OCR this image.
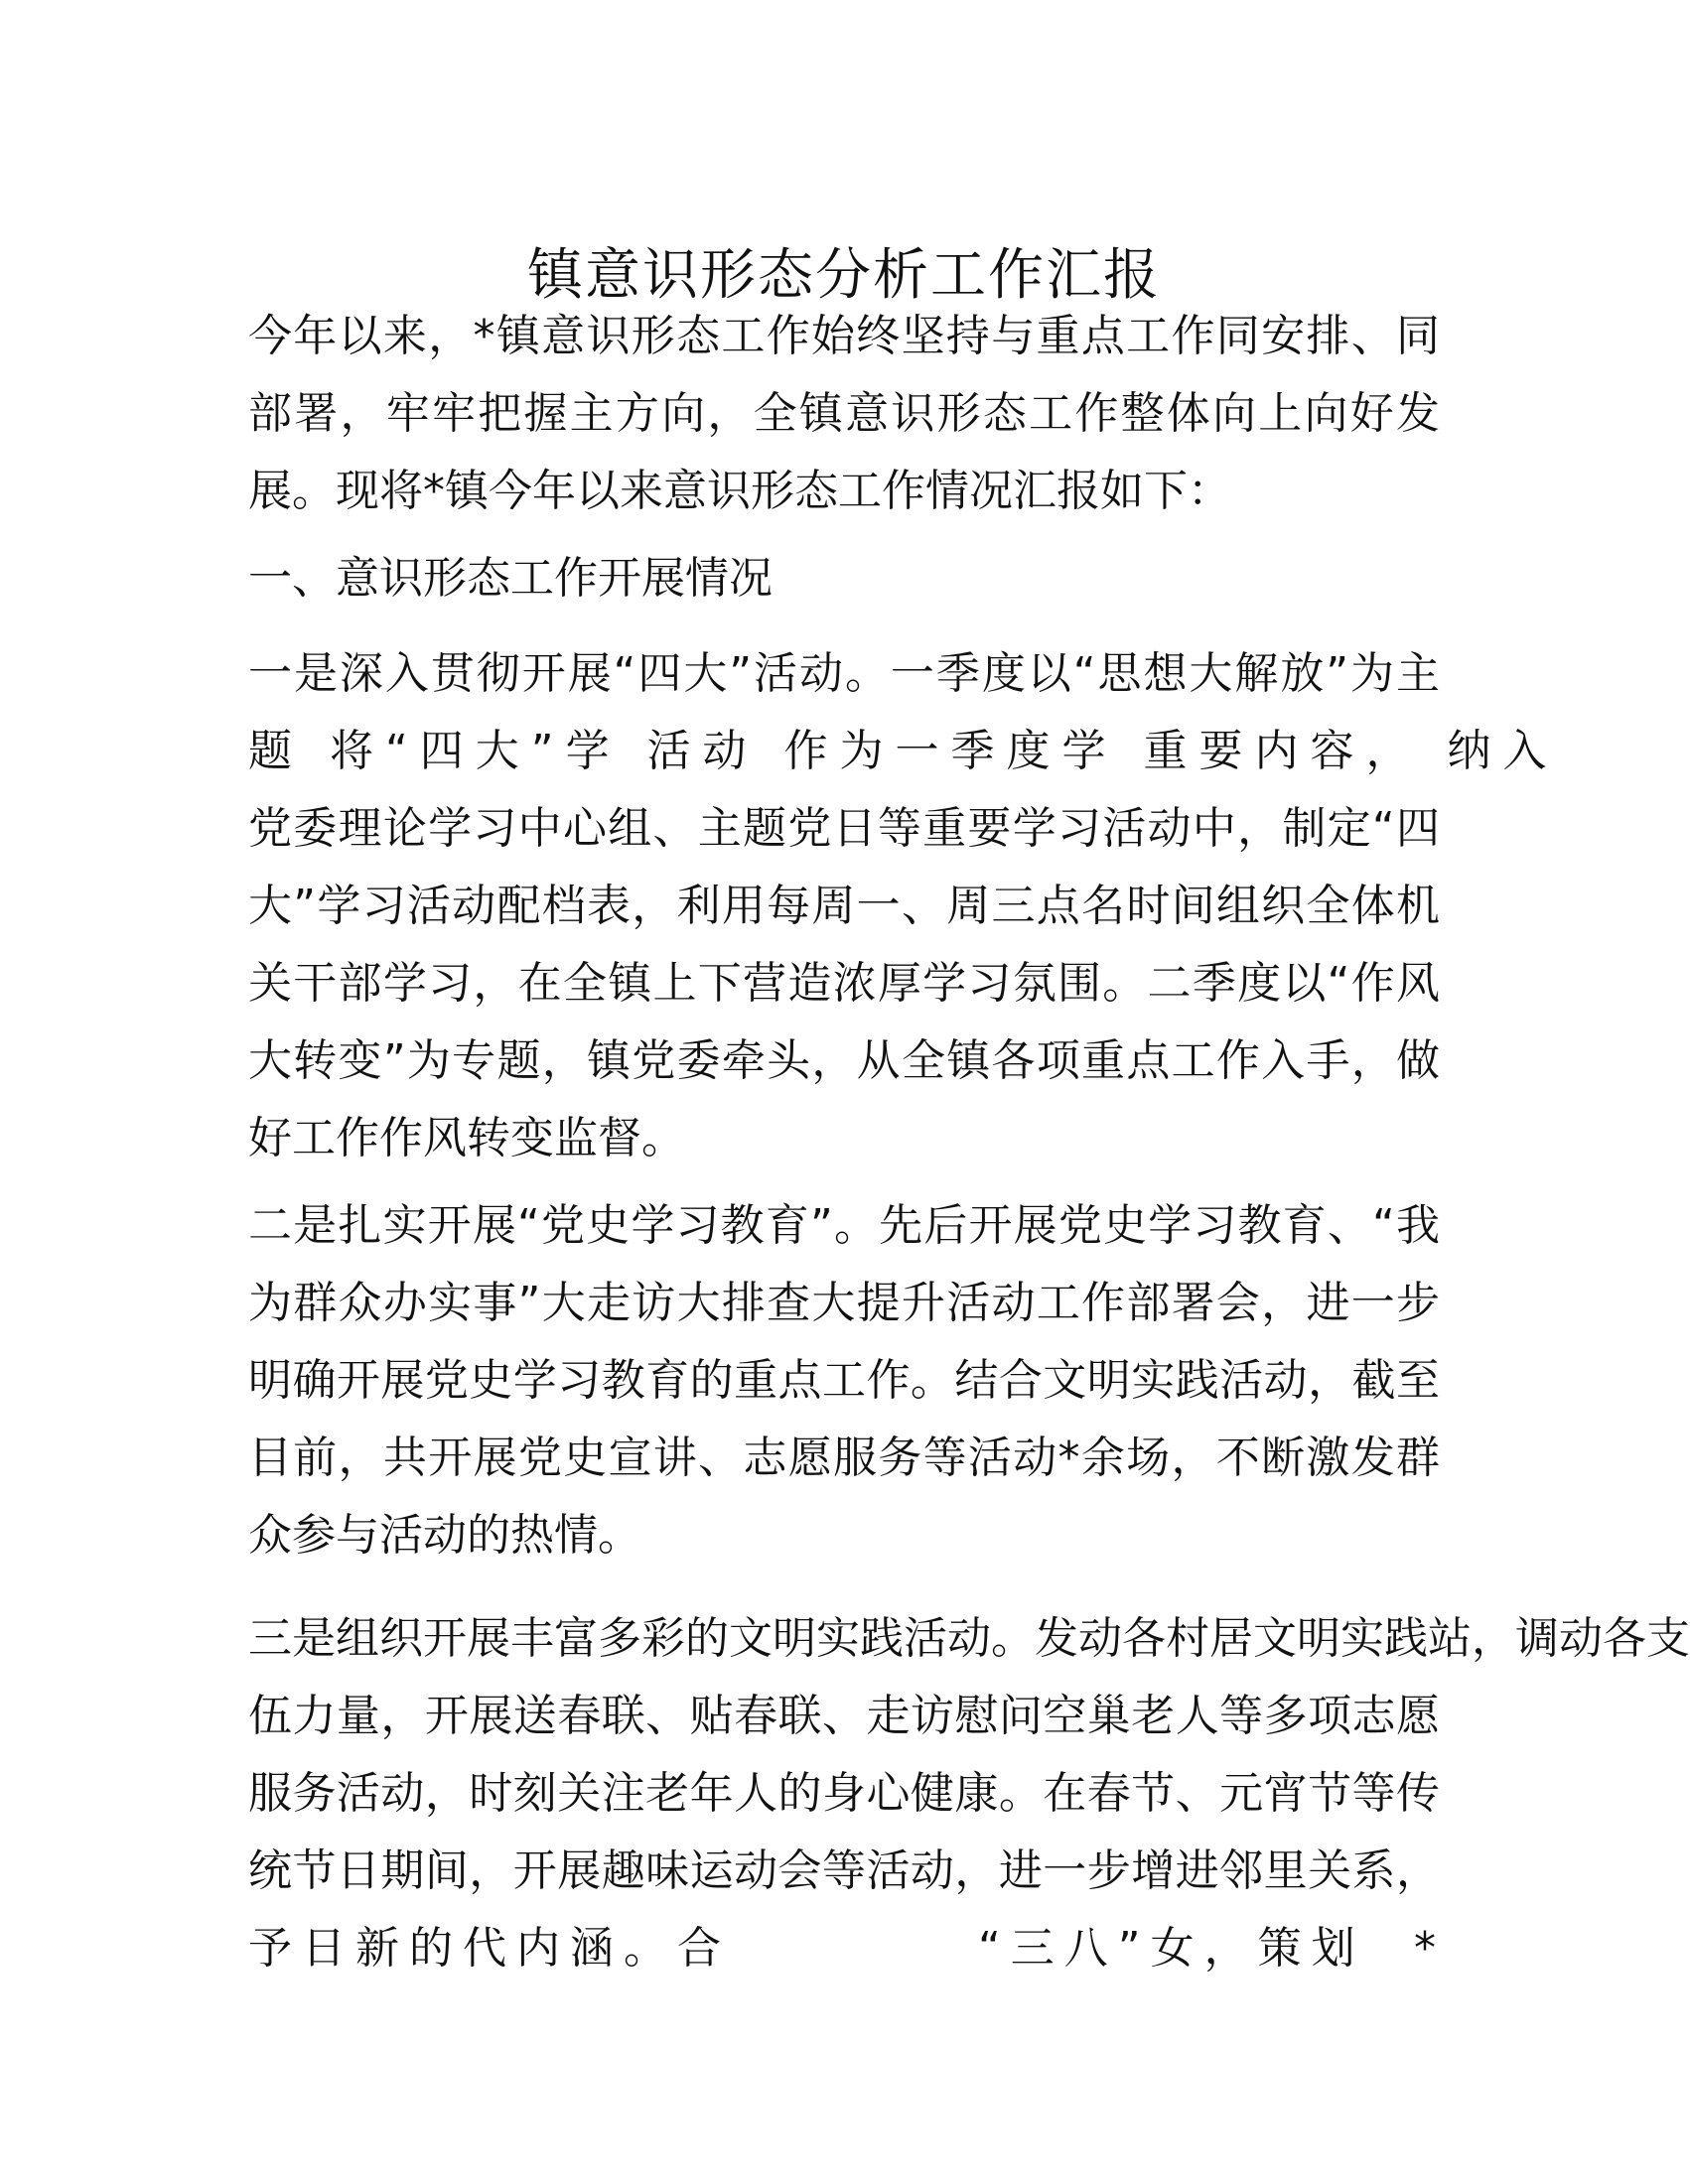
镇意识形态分析工作汇报
今年以来，*镇意识形态工作始终坚持与重点工作同安排、同
部署，牢牢把握主方向，全镇意识形态工作整体向上向好发
展。现将*镇今年以来意识形态工作情况汇报如下：
一、意识形态工作开展情况
一是深入贯彻开展“四大”活动。一季度以“思想大解放”为主
题 将“四大”学 活动 作为一季度学 重要内容， 纳入
党委理论学习中心组、主题党日等重要学习活动中，制定“四
大”学习活动配档表，利用每周一、周三点名时间组织全体机
关干部学习，在全镇上下营造浓厚学习氛围。二季度以“作风
大转变”为专题，镇党委牵头，从全镇各项重点工作入手，做
好工作作风转变监督。
二是扎实开展“党史学习教育”。先后开展党史学习教育、“我
为群众办实事”大走访大排查大提升活动工作部署会，进一步
明确开展党史学习教育的重点工作。结合文明实践活动，截至
目前，共开展党史宣讲、志愿服务等活动*余场，不断激发群
众参与活动的热情。
三是组织开展丰富多彩的文明实践活动。发动各村居文明实践站，调动各支
伍力量，开展送春联、贴春联、走访慰问空巢老人等多项志愿
服务活动，时刻关注老年人的身心健康。在春节、元宵节等传
统节日期间，开展趣味运动会等活动，进一步增进邻里关系，
予日新的代内涵。合	“三八”女，策划 *
